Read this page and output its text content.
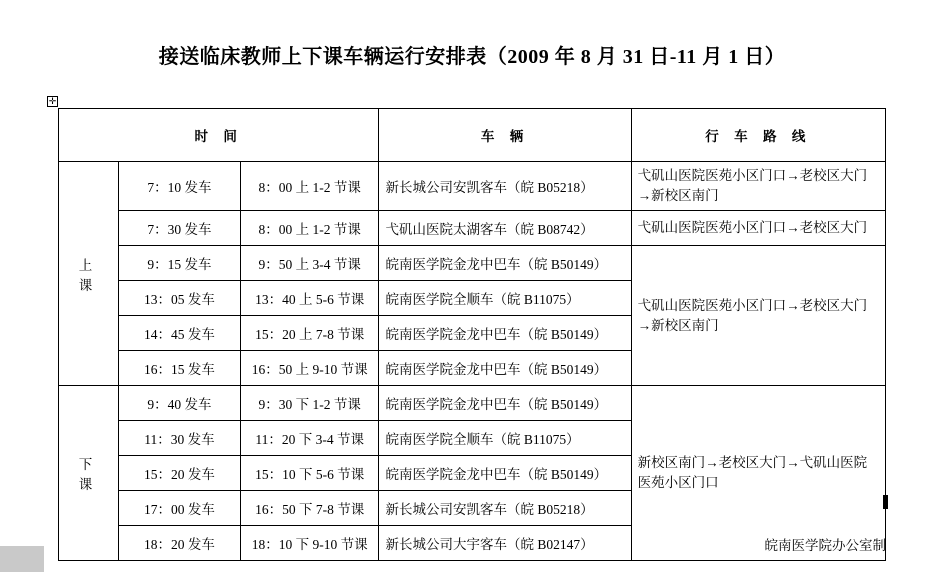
接送临床教师上下课车辆运行安排表（2009 年 8 月 31 日-11 月 1 日）
✛
时 间			车 辆	行 车 路 线
上 课	7：10 发车	8：00 上 1-2 节课	新长城公司安凯客车（皖 B05218）	弋矶山医院医苑小区门口→老校区大门→新校区南门
	7：30 发车	8：00 上 1-2 节课	弋矶山医院太湖客车（皖 B08742）	弋矶山医院医苑小区门口→老校区大门
	9：15 发车	9：50 上 3-4 节课	皖南医学院金龙中巴车（皖 B50149）	弋矶山医院医苑小区门口→老校区大门→新校区南门
	13：05 发车	13：40 上 5-6 节课	皖南医学院全顺车（皖 B11075）	
	14：45 发车	15：20 上 7-8 节课	皖南医学院金龙中巴车（皖 B50149）	
	16：15 发车	16：50 上 9-10 节课	皖南医学院金龙中巴车（皖 B50149）	
下 课	9：40 发车	9：30 下 1-2 节课	皖南医学院金龙中巴车（皖 B50149）	新校区南门→老校区大门→弋矶山医院医苑小区门口
	11：30 发车	11：20 下 3-4 节课	皖南医学院全顺车（皖 B11075）	
	15：20 发车	15：10 下 5-6 节课	皖南医学院金龙中巴车（皖 B50149）	
	17：00 发车	16：50 下 7-8 节课	新长城公司安凯客车（皖 B05218）	
	18：20 发车	18：10 下 9-10 节课	新长城公司大宇客车（皖 B02147）		皖南医学院办公室制
